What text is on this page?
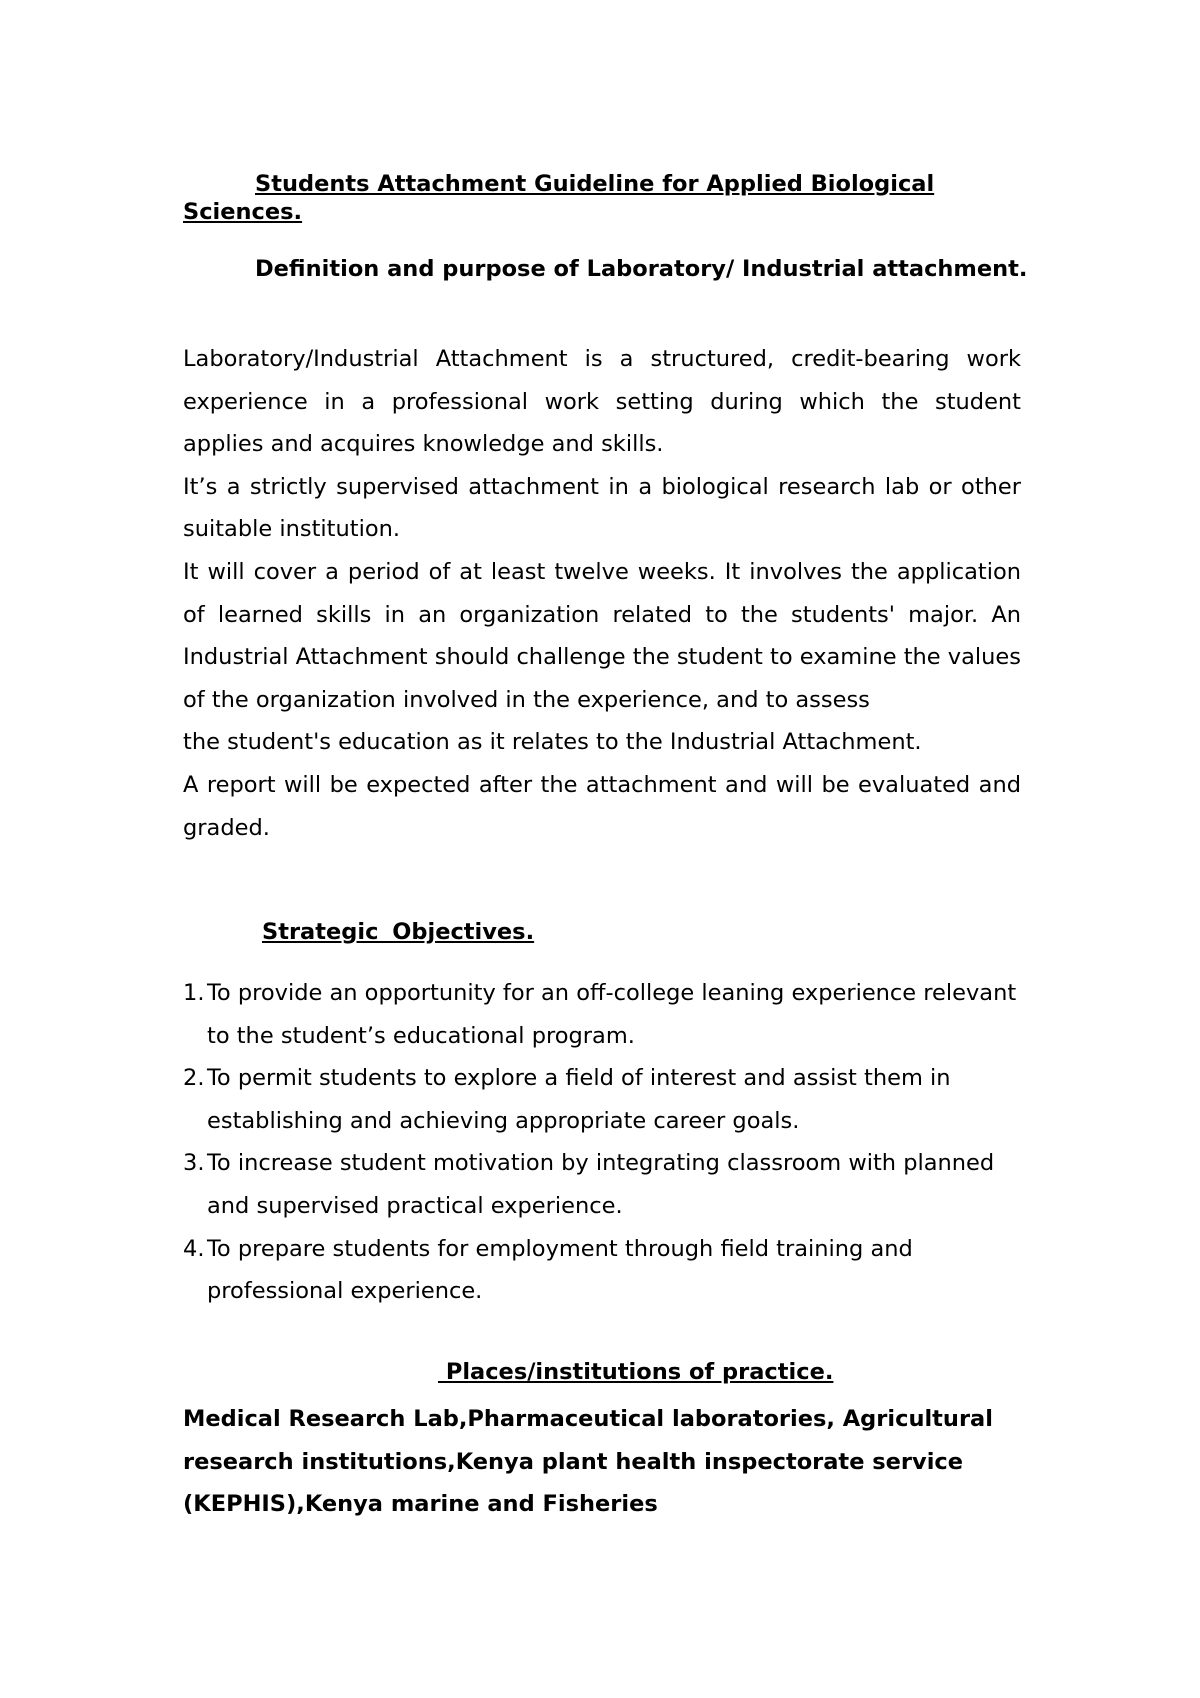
Students Attachment Guideline for Applied Biological Sciences.
Definition and purpose of Laboratory/ Industrial attachment.

Laboratory/Industrial Attachment is a structured, credit-bearing work experience in a professional work setting during which the student applies and acquires knowledge and skills.

It’s a strictly supervised attachment in a biological research lab or other suitable institution.

It will cover a period of at least twelve weeks. It involves the application of learned skills in an organization related to the students' major. An Industrial Attachment should challenge the student to examine the values of the organization involved in the experience, and to assess

the student's education as it relates to the Industrial Attachment.

A report will be expected after the attachment and will be evaluated and graded.

Strategic Objectives.
1. To provide an opportunity for an off-college leaning experience relevant to the student’s educational program.
2. To permit students to explore a field of interest and assist them in establishing and achieving appropriate career goals.
3. To increase student motivation by integrating classroom with planned and supervised practical experience.
4. To prepare students for employment through field training and professional experience.
Places/institutions of practice.

Medical Research Lab,Pharmaceutical laboratories, Agricultural research institutions,Kenya plant health inspectorate service (KEPHIS),Kenya marine and Fisheries
